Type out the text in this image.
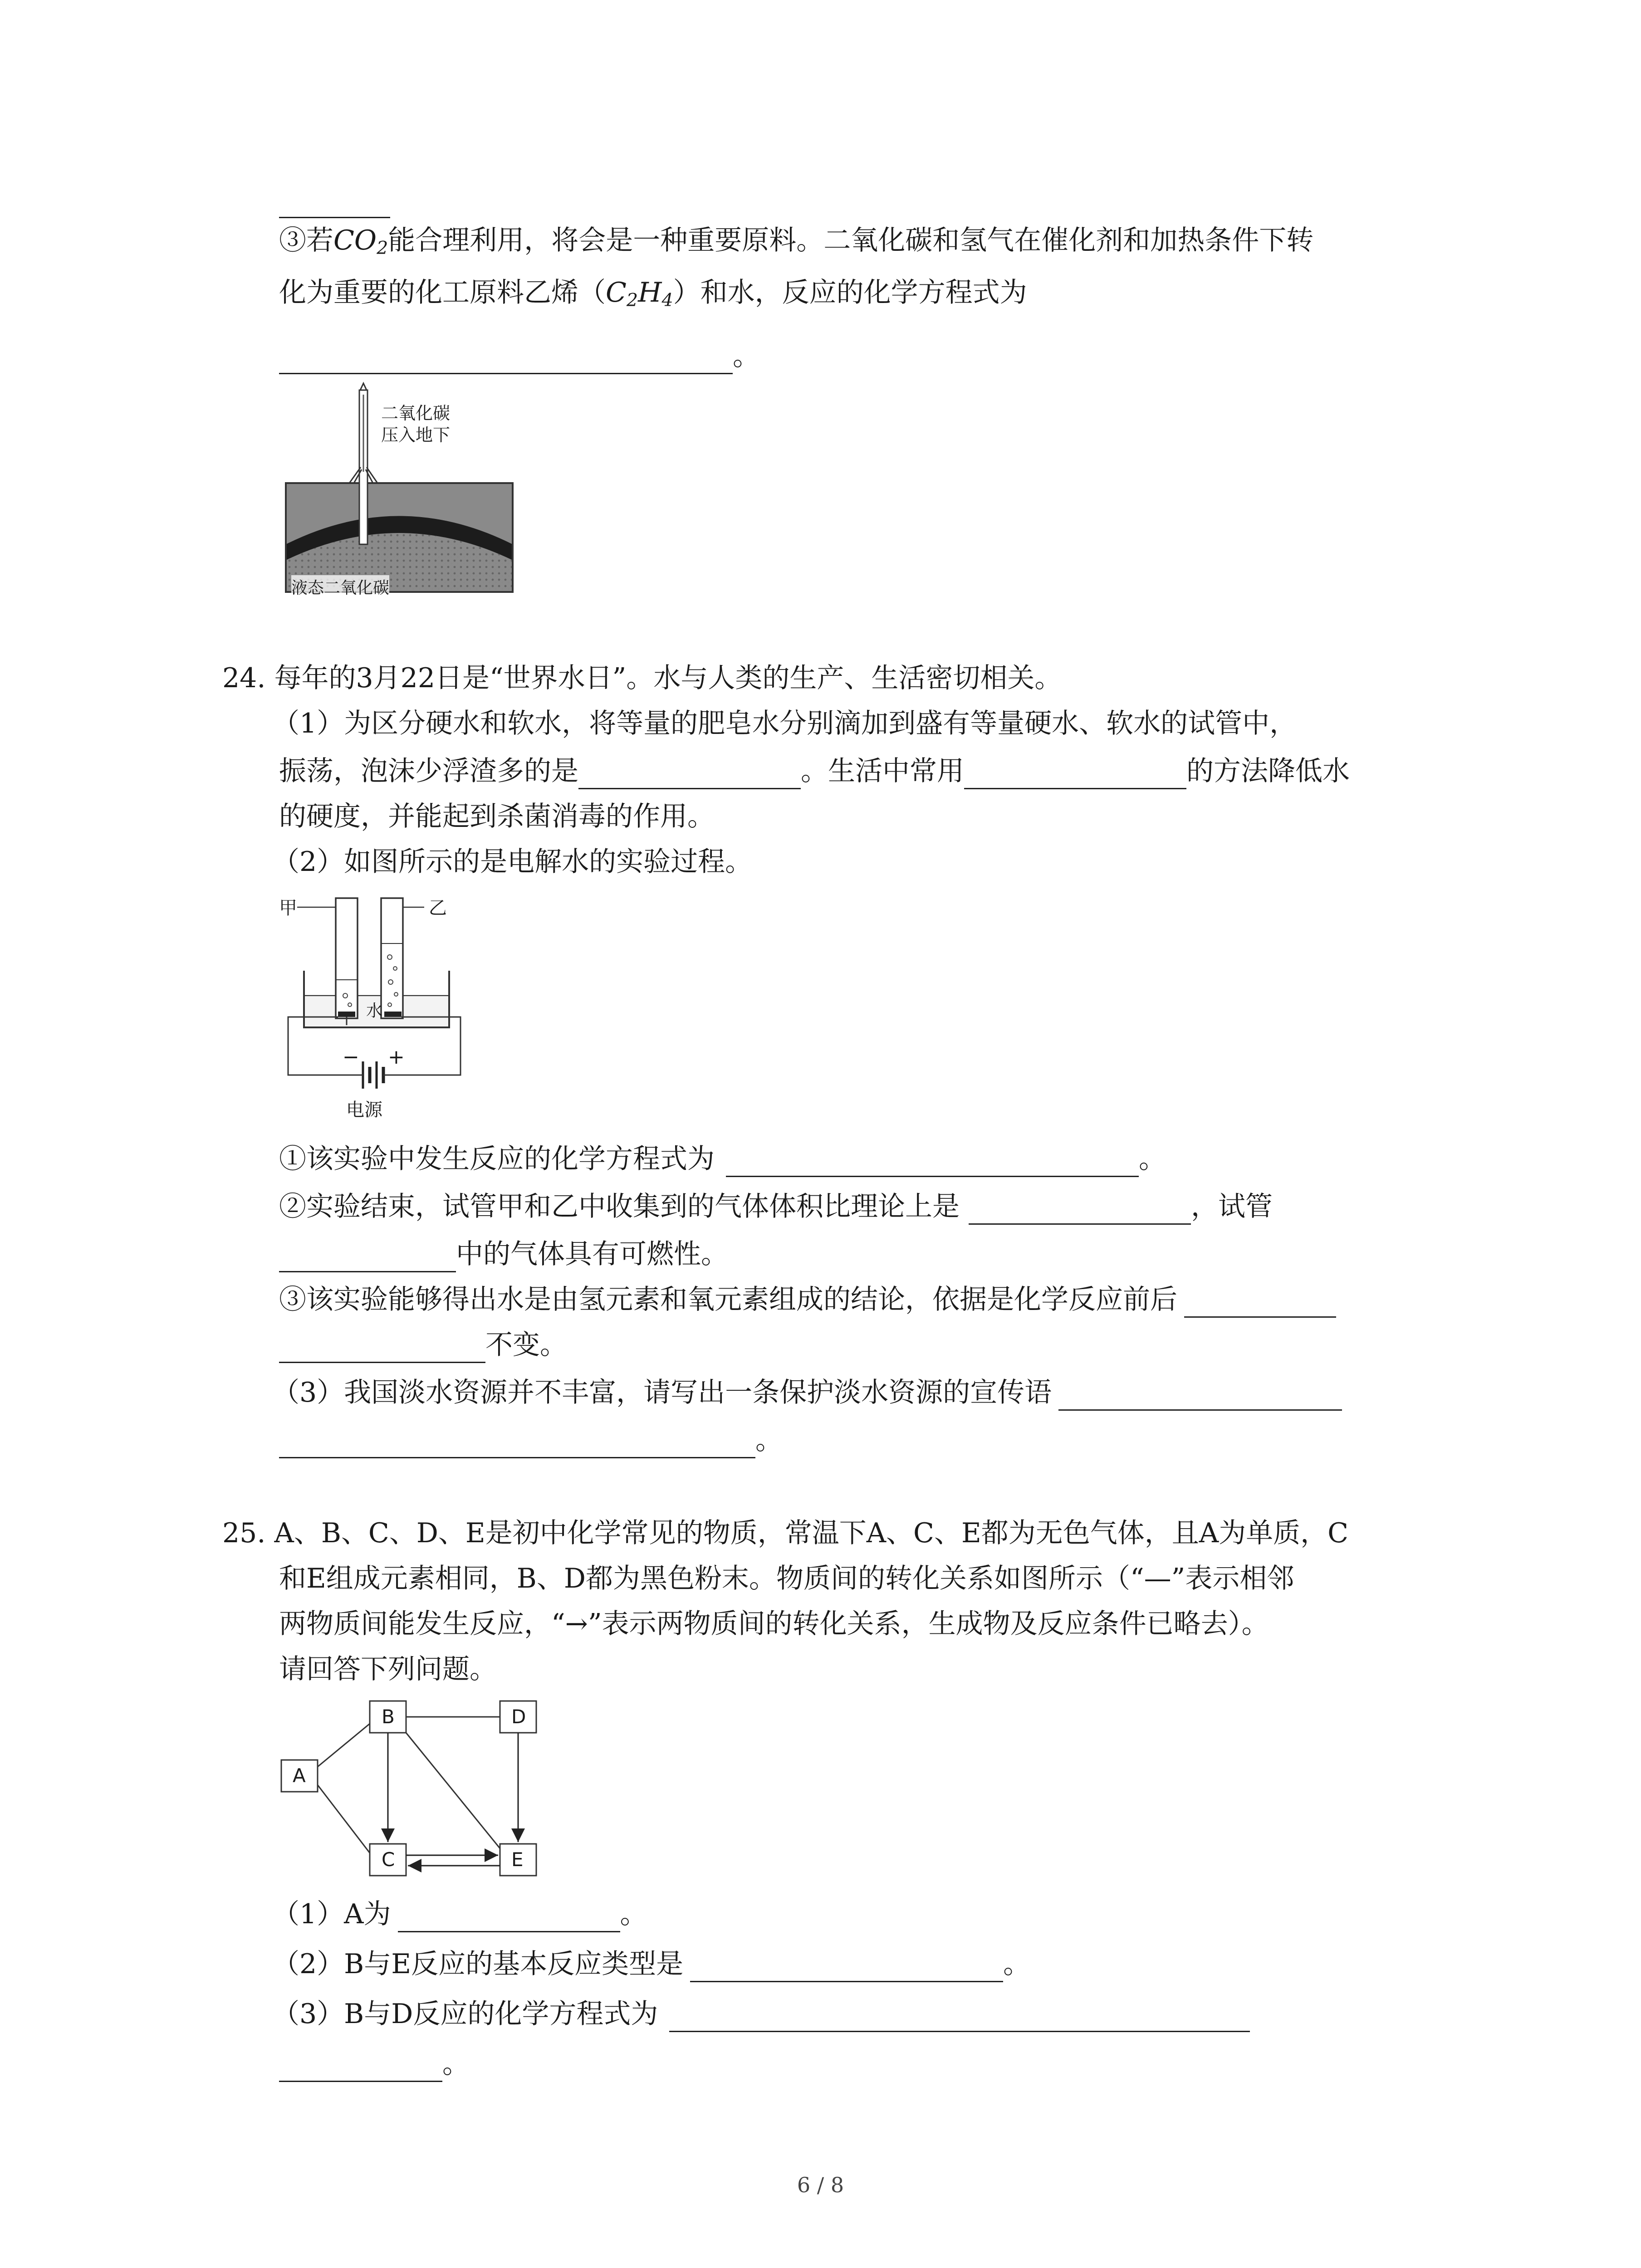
③若$CO_2$能合理利用，将会是一种重要原料。二氧化碳和氢气在催化剂和加热条件下转
化为重要的化工原料乙烯$(C_2H_4)$和水，反应的化学方程式为
。
二氧化碳
压入地下
液态二氧化碳
24. 每年的3月22日是“世界水日”。水与人类的生产、生活密切相关。
（1）为区分硬水和软水，将等量的肥皂水分别滴加到盛有等量硬水、软水的试管中，
振荡，泡沫少浮渣多的是	。生活中常用	的方法降低水
的硬度，并能起到杀菌消毒的作用。
（2）如图所示的是电解水的实验过程。
甲	乙
水
− +
电源
①该实验中发生反应的化学方程式为	。
②实验结束，试管甲和乙中收集到的气体体积比理论上是	，试管
中的气体具有可燃性。
③该实验能够得出水是由氢元素和氧元素组成的结论，依据是化学反应前后
不变。
（3）我国淡水资源并不丰富，请写出一条保护淡水资源的宣传语
。
25. A、B、C、D、E是初中化学常见的物质，常温下A、C、E都为无色气体，且A为单质，C
和E组成元素相同，B、D都为黑色粉末。物质间的转化关系如图所示（“—”表示相邻
两物质间能发生反应，“→”表示两物质间的转化关系，生成物及反应条件已略去）。
请回答下列问题。
A
B
C
D
E
（1）A为	。
（2）B与E反应的基本反应类型是	。
（3）B与D反应的化学方程式为
。
6 / 8
